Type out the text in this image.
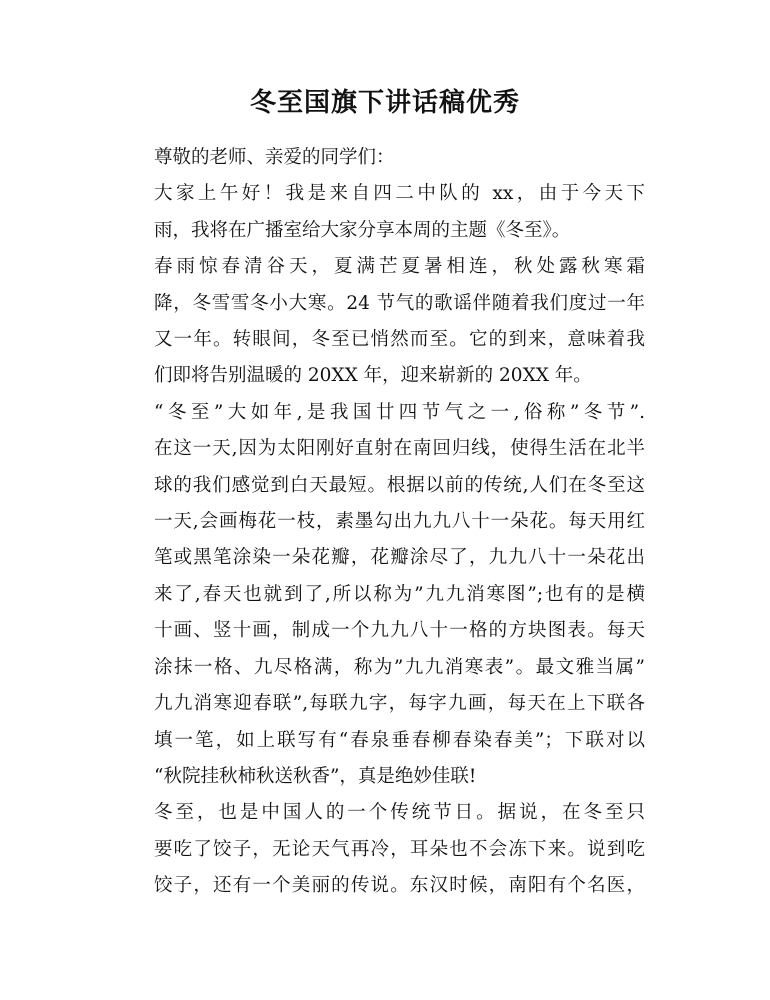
冬至国旗下讲话稿优秀

尊敬的老师、亲爱的同学们：

大家上午好！我是来自四二中队的 xx，由于今天下
雨，我将在广播室给大家分享本周的主题《冬至》。

春雨惊春清谷天，夏满芒夏暑相连，秋处露秋寒霜
降，冬雪雪冬小大寒。24 节气的歌谣伴随着我们度过一年
又一年。转眼间，冬至已悄然而至。它的到来，意味着我
们即将告别温暖的 20XX 年，迎来崭新的 20XX 年。

“冬至”大如年,是我国廿四节气之一,俗称”冬节”.
在这一天,因为太阳刚好直射在南回归线，使得生活在北半
球的我们感觉到白天最短。根据以前的传统,人们在冬至这
一天,会画梅花一枝，素墨勾出九九八十一朵花。每天用红
笔或黑笔涂染一朵花瓣，花瓣涂尽了，九九八十一朵花出
来了,春天也就到了,所以称为”九九消寒图”;也有的是横
十画、竖十画，制成一个九九八十一格的方块图表。每天
涂抹一格、九尽格满，称为”九九消寒表”。最文雅当属”
九九消寒迎春联”,每联九字，每字九画，每天在上下联各
填一笔，如上联写有“春泉垂春柳春染春美”；下联对以
“秋院挂秋柿秋送秋香”，真是绝妙佳联!

冬至，也是中国人的一个传统节日。据说，在冬至只
要吃了饺子，无论天气再冷，耳朵也不会冻下来。说到吃
饺子，还有一个美丽的传说。东汉时候，南阳有个名医，
